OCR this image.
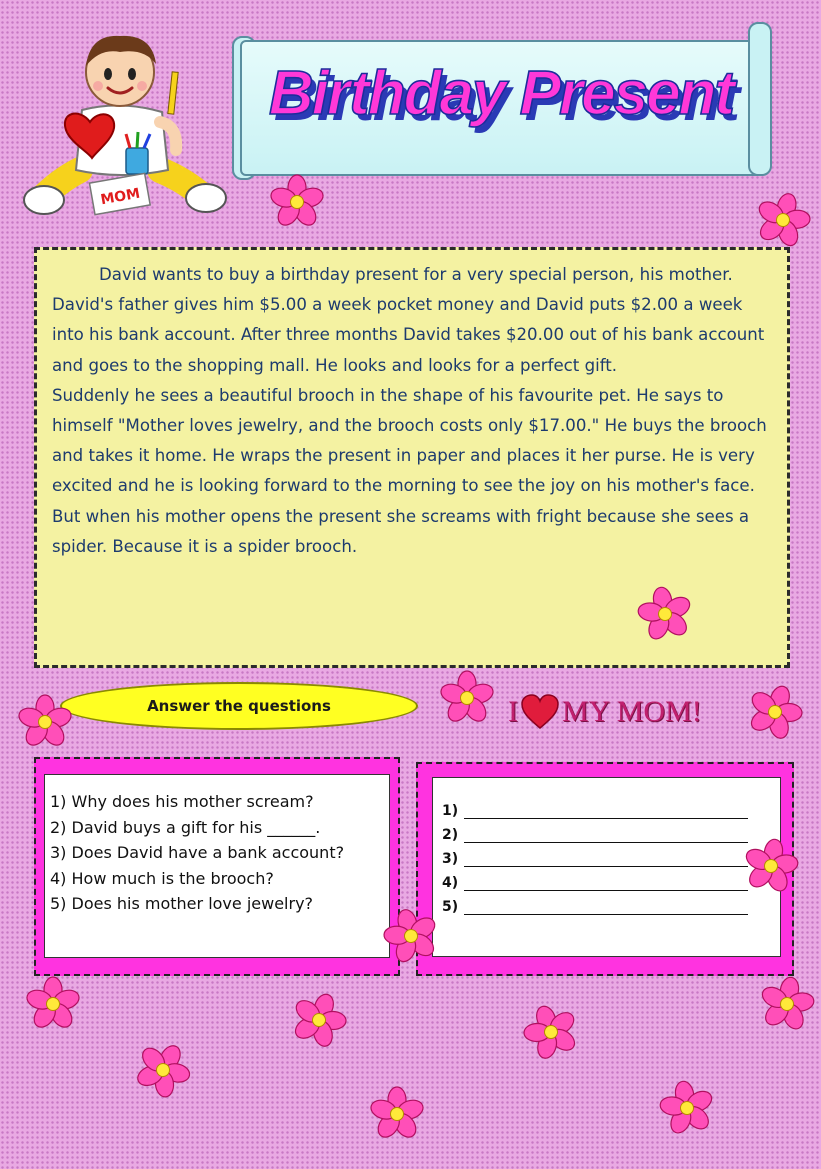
MOM
Birthday Present

David wants to buy a birthday present for a very special person, his mother. David's father gives him $5.00 a week pocket money and David puts $2.00 a week into his bank account. After three months David takes $20.00 out of his bank account and goes to the shopping mall. He looks and looks for a perfect gift.

Suddenly he sees a beautiful brooch in the shape of his favourite pet. He says to himself "Mother loves jewelry, and the brooch costs only $17.00." He buys the brooch and takes it home. He wraps the present in paper and places it her purse. He is very excited and he is looking forward to the morning to see the joy on his mother's face.

But when his mother opens the present she screams with fright because she sees a spider. Because it is a spider brooch.

Answer the questions	I MY MOM!
1) Why does his mother scream?
2) David buys a gift for his ______.
3) Does David have a bank account?
4) How much is the brooch?
5) Does his mother love jewelry?
1)
2)
3)
4)
5)
